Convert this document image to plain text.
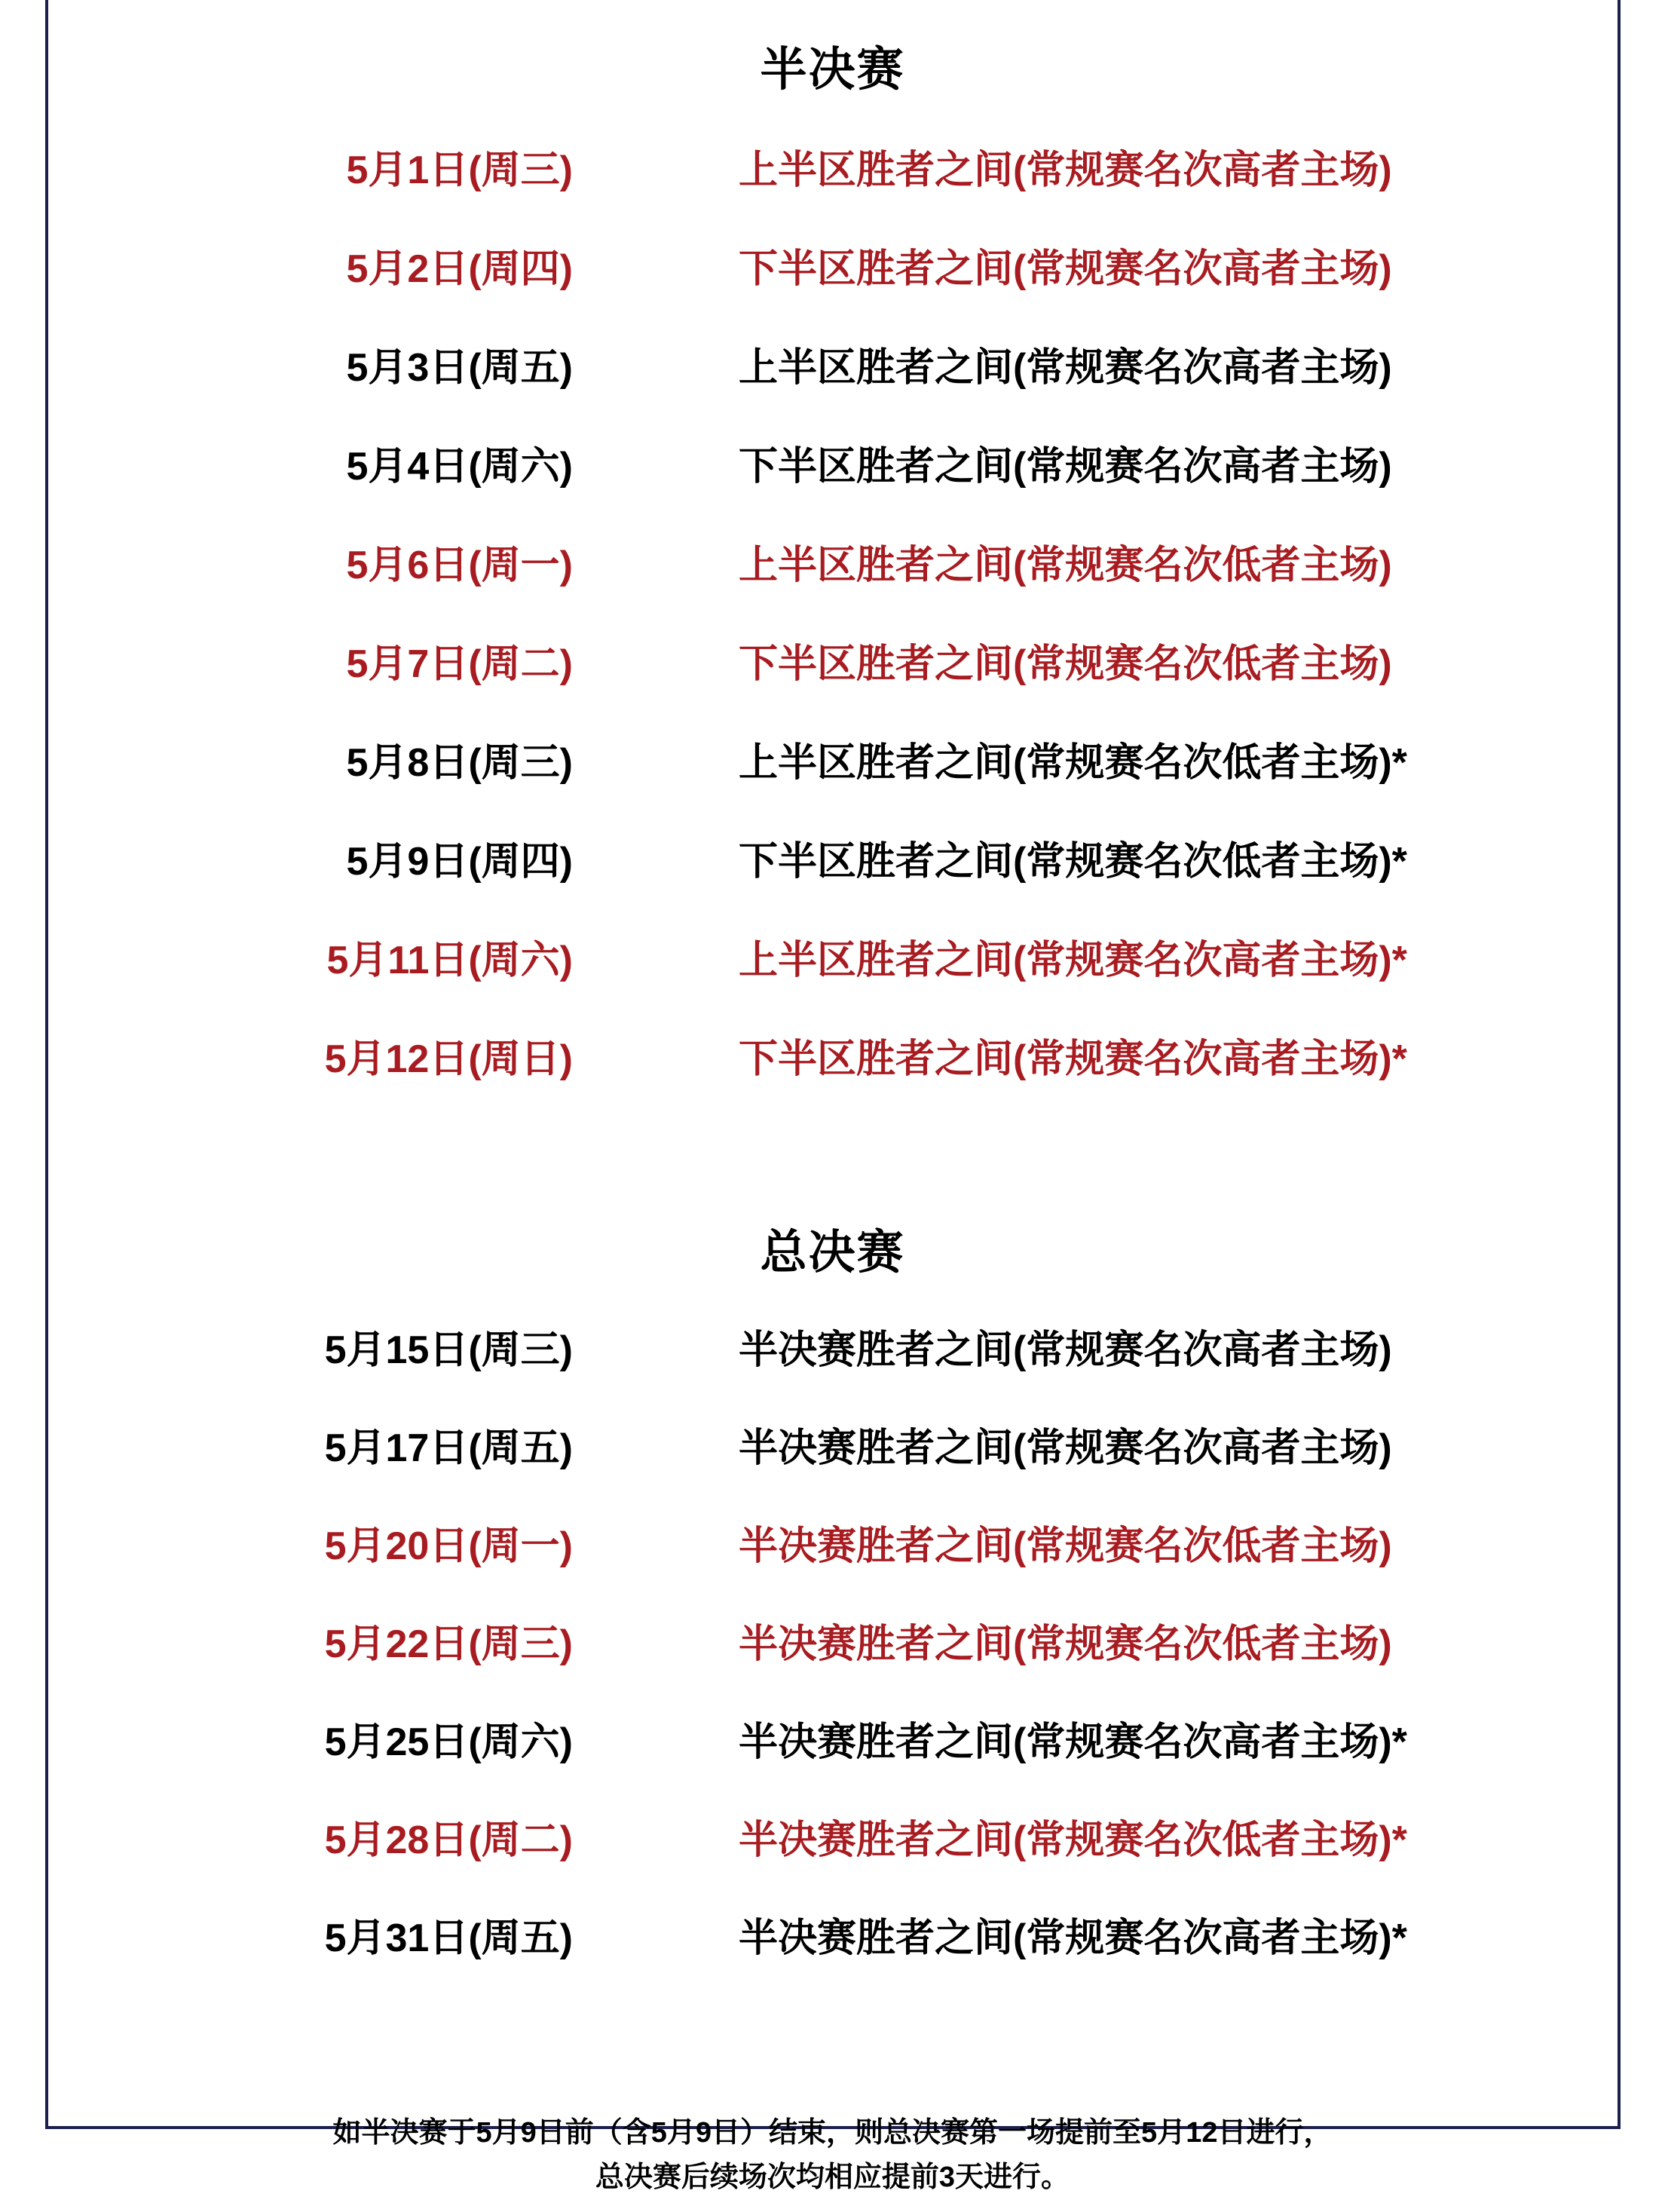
半决赛
5月1日(周三)	上半区胜者之间(常规赛名次高者主场)
5月2日(周四)	下半区胜者之间(常规赛名次高者主场)
5月3日(周五)	上半区胜者之间(常规赛名次高者主场)
5月4日(周六)	下半区胜者之间(常规赛名次高者主场)
5月6日(周一)	上半区胜者之间(常规赛名次低者主场)
5月7日(周二)	下半区胜者之间(常规赛名次低者主场)
5月8日(周三)	上半区胜者之间(常规赛名次低者主场)*
5月9日(周四)	下半区胜者之间(常规赛名次低者主场)*
5月11日(周六)	上半区胜者之间(常规赛名次高者主场)*
5月12日(周日)	下半区胜者之间(常规赛名次高者主场)*
总决赛
5月15日(周三)	半决赛胜者之间(常规赛名次高者主场)
5月17日(周五)	半决赛胜者之间(常规赛名次高者主场)
5月20日(周一)	半决赛胜者之间(常规赛名次低者主场)
5月22日(周三)	半决赛胜者之间(常规赛名次低者主场)
5月25日(周六)	半决赛胜者之间(常规赛名次高者主场)*
5月28日(周二)	半决赛胜者之间(常规赛名次低者主场)*
5月31日(周五)	半决赛胜者之间(常规赛名次高者主场)*
如半决赛于5月9日前（含5月9日）结束，则总决赛第一场提前至5月12日进行，
总决赛后续场次均相应提前3天进行。
